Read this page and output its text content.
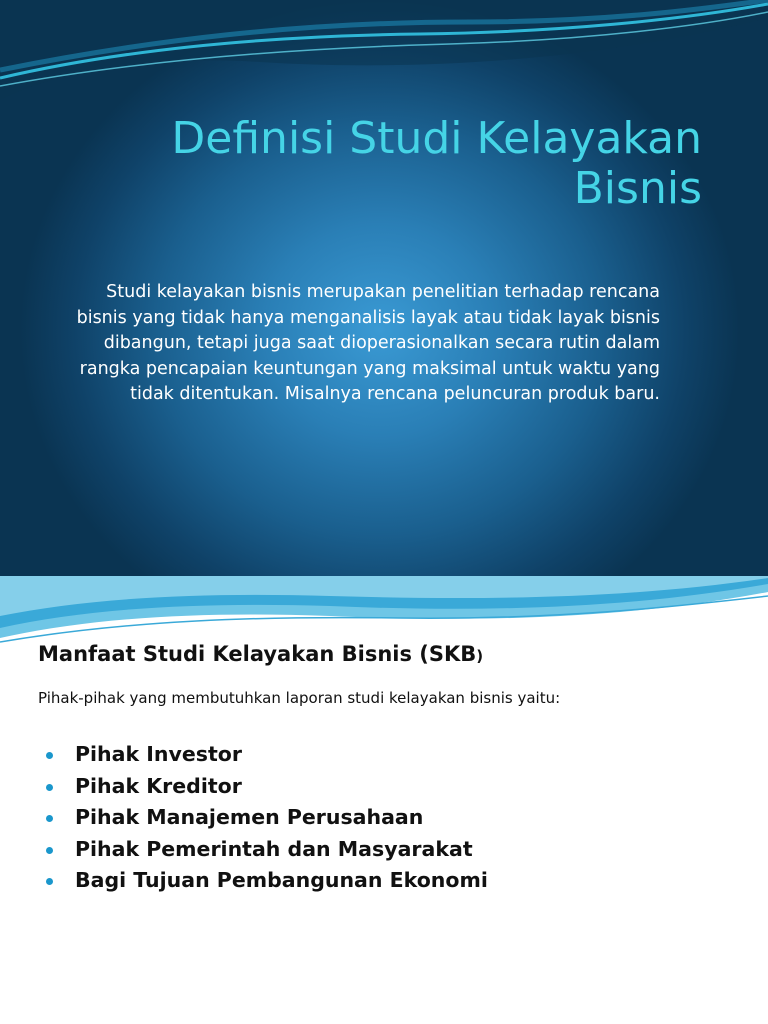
Definisi Studi Kelayakan
Bisnis
Studi kelayakan bisnis merupakan penelitian terhadap rencana bisnis yang tidak hanya menganalisis layak atau tidak layak bisnis dibangun, tetapi juga saat dioperasionalkan secara rutin dalam rangka pencapaian keuntungan yang maksimal untuk waktu yang tidak ditentukan. Misalnya rencana peluncuran produk baru.
Manfaat Studi Kelayakan Bisnis (SKB)
Pihak-pihak yang membutuhkan laporan studi kelayakan bisnis yaitu:
Pihak Investor
Pihak Kreditor
Pihak Manajemen Perusahaan
Pihak Pemerintah dan Masyarakat
Bagi Tujuan Pembangunan Ekonomi
